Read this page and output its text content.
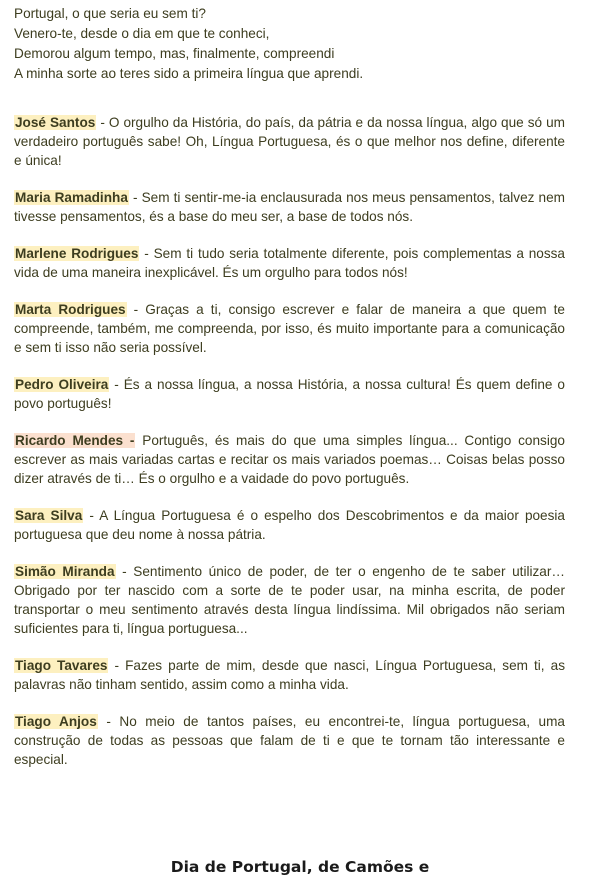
Portugal, o que seria eu sem ti?
Venero-te, desde o dia em que te conheci,
Demorou algum tempo, mas, finalmente, compreendi
A minha sorte ao teres sido a primeira língua que aprendi.

José Santos - O orgulho da História, do país, da pátria e da nossa língua, algo que só um verdadeiro português sabe! Oh, Língua Portuguesa, és o que melhor nos define, diferente e única!

Maria Ramadinha - Sem ti sentir-me-ia enclausurada nos meus pensamentos, talvez nem tivesse pensamentos, és a base do meu ser, a base de todos nós.

Marlene Rodrigues - Sem ti tudo seria totalmente diferente, pois complementas a nossa vida de uma maneira inexplicável. És um orgulho para todos nós!

Marta Rodrigues - Graças a ti, consigo escrever e falar de maneira a que quem te compreende, também, me compreenda, por isso, és muito importante para a comunicação e sem ti isso não seria possível.

Pedro Oliveira - És a nossa língua, a nossa História, a nossa cultura! És quem define o povo português!

Ricardo Mendes - Português, és mais do que uma simples língua... Contigo consigo escrever as mais variadas cartas e recitar os mais variados poemas… Coisas belas posso dizer através de ti… És o orgulho e a vaidade do povo português.

Sara Silva - A Língua Portuguesa é o espelho dos Descobrimentos e da maior poesia portuguesa que deu nome à nossa pátria.

Simão Miranda - Sentimento único de poder, de ter o engenho de te saber utilizar… Obrigado por ter nascido com a sorte de te poder usar, na minha escrita, de poder transportar o meu sentimento através desta língua lindíssima. Mil obrigados não seriam suficientes para ti, língua portuguesa...

Tiago Tavares - Fazes parte de mim, desde que nasci, Língua Portuguesa, sem ti, as palavras não tinham sentido, assim como a minha vida.

Tiago Anjos - No meio de tantos países, eu encontrei-te, língua portuguesa, uma construção de todas as pessoas que falam de ti e que te tornam tão interessante e especial.

Dia de Portugal, de Camões e
